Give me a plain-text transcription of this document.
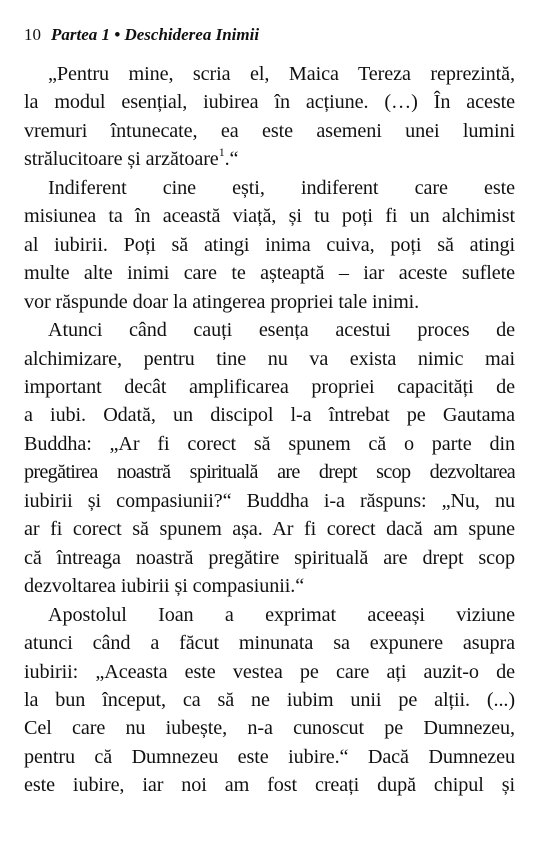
10 Partea 1 • Deschiderea Inimii

„Pentru mine, scria el, Maica Tereza reprezintă,
la modul esențial, iubirea în acțiune. (…) În aceste
vremuri întunecate, ea este asemeni unei lumini
strălucitoare și arzătoare$^1$.“

Indiferent cine ești, indiferent care este
misiunea ta în această viață, și tu poți fi un alchimist
al iubirii. Poți să atingi inima cuiva, poți să atingi
multe alte inimi care te așteaptă – iar aceste suflete
vor răspunde doar la atingerea propriei tale inimi.

Atunci când cauți esența acestui proces de
alchimizare, pentru tine nu va exista nimic mai
important decât amplificarea propriei capacități de
a iubi. Odată, un discipol l-a întrebat pe Gautama
Buddha: „Ar fi corect să spunem că o parte din
pregătirea noastră spirituală are drept scop dezvoltarea
iubirii și compasiunii?“ Buddha i-a răspuns: „Nu, nu
ar fi corect să spunem așa. Ar fi corect dacă am spune
că întreaga noastră pregătire spirituală are drept scop
dezvoltarea iubirii și compasiunii.“

Apostolul Ioan a exprimat aceeași viziune
atunci când a făcut minunata sa expunere asupra
iubirii: „Aceasta este vestea pe care ați auzit-o de
la bun început, ca să ne iubim unii pe alții. (...)
Cel care nu iubește, n-a cunoscut pe Dumnezeu,
pentru că Dumnezeu este iubire.“ Dacă Dumnezeu
este iubire, iar noi am fost creați după chipul și
